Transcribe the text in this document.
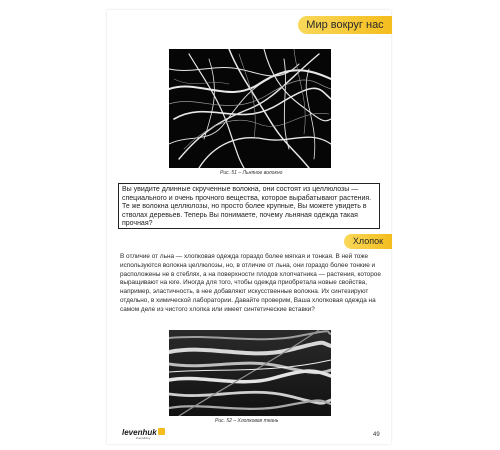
Мир вокруг нас
Рис. 51 – Льняное волокно
Вы увидите длинные скрученные волокна, они состоят из целлюлозы — специального и очень прочного вещества, которое вырабатывают растения. Те же волокна целлюлозы, но просто более крупные, Вы можете увидеть в стволах деревьев. Теперь Вы понимаете, почему льняная одежда такая прочная?
Хлопок
В отличие от льна — хлопковая одежда гораздо более мягкая и тонкая. В ней тоже используются волокна целлюлозы, но, в отличие от льна, они гораздо более тонкие и расположены не в стеблях, а на поверхности плодов хлопчатника — растения, которое выращивают на юге. Иногда для того, чтобы одежда приобретала новые свойства, например, эластичность, в нее добавляют искусственные волокна. Их синтезируют отдельно, в химической лаборатории. Давайте проверим, Ваша хлопковая одежда на самом деле из чистого хлопка или имеет синтетические вставки?
Рис. 52 – Хлопковая ткань
levenhuk
Zoom&Joy	49
